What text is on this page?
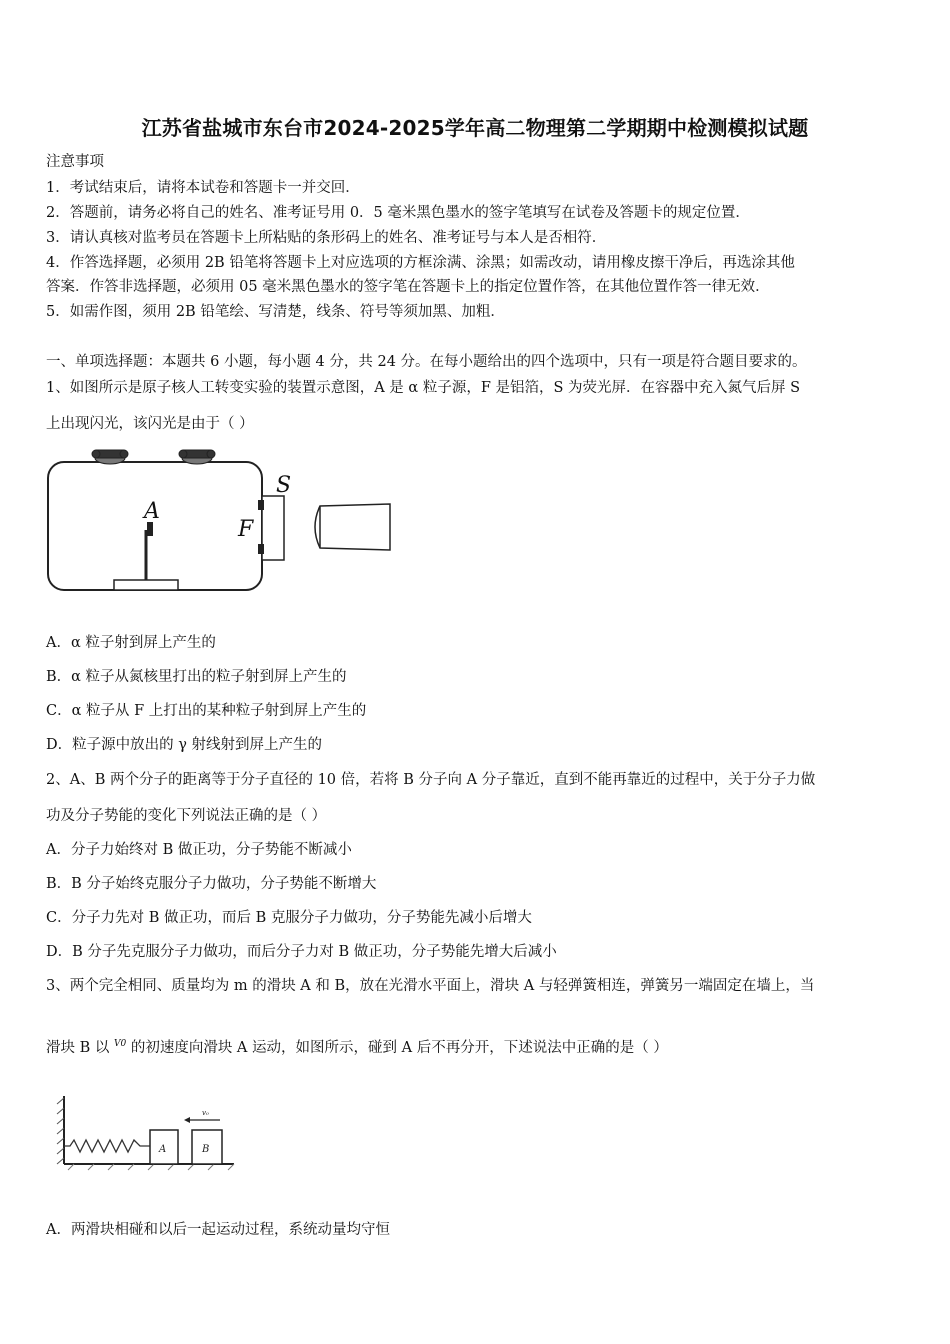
江苏省盐城市东台市2024-2025学年高二物理第二学期期中检测模拟试题
注意事项
1．考试结束后，请将本试卷和答题卡一并交回．
2．答题前，请务必将自己的姓名、准考证号用 0．5 毫米黑色墨水的签字笔填写在试卷及答题卡的规定位置．
3．请认真核对监考员在答题卡上所粘贴的条形码上的姓名、准考证号与本人是否相符．
4．作答选择题，必须用 2B 铅笔将答题卡上对应选项的方框涂满、涂黑；如需改动，请用橡皮擦干净后，再选涂其他
答案．作答非选择题，必须用 05 毫米黑色墨水的签字笔在答题卡上的指定位置作答，在其他位置作答一律无效．
5．如需作图，须用 2B 铅笔绘、写清楚，线条、符号等须加黑、加粗．
一、单项选择题：本题共 6 小题，每小题 4 分，共 24 分。在每小题给出的四个选项中，只有一项是符合题目要求的。
1、如图所示是原子核人工转变实验的装置示意图，A 是 α 粒子源，F 是铝箔，S 为荧光屏．在容器中充入氮气后屏 S
上出现闪光，该闪光是由于（ ）
A
F
S
A．α 粒子射到屏上产生的
B．α 粒子从氮核里打出的粒子射到屏上产生的
C．α 粒子从 F 上打出的某种粒子射到屏上产生的
D．粒子源中放出的 γ 射线射到屏上产生的
2、A、B 两个分子的距离等于分子直径的 10 倍，若将 B 分子向 A 分子靠近，直到不能再靠近的过程中，关于分子力做
功及分子势能的变化下列说法正确的是（ ）
A．分子力始终对 B 做正功，分子势能不断减小
B．B 分子始终克服分子力做功，分子势能不断增大
C．分子力先对 B 做正功，而后 B 克服分子力做功，分子势能先减小后增大
D．B 分子先克服分子力做功，而后分子力对 B 做正功，分子势能先增大后减小
3、两个完全相同、质量均为 m 的滑块 A 和 B，放在光滑水平面上，滑块 A 与轻弹簧相连，弹簧另一端固定在墙上，当
滑块 B 以 $^{V0}$ 的初速度向滑块 A 运动，如图所示，碰到 A 后不再分开，下述说法中正确的是（ ）
A	B
v₀
A．两滑块相碰和以后一起运动过程，系统动量均守恒
